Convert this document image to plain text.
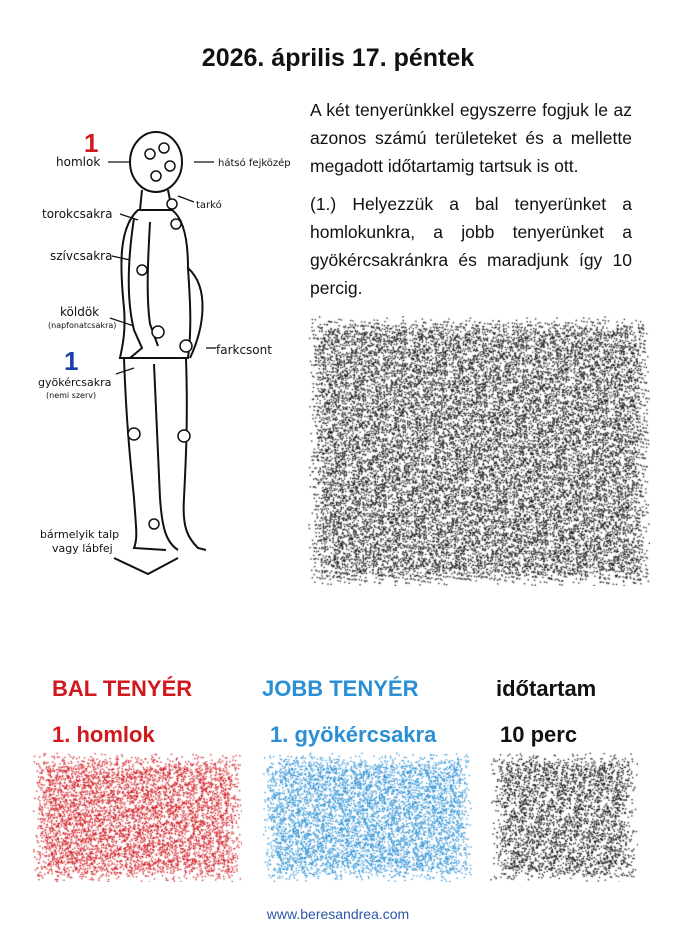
2026. április 17. péntek
1
1
homlok	hátsó fejközép
tarkó
torokcsakra
szívcsakra
köldök
(napfonatcsakra)
farkcsont
gyökércsakra
(nemi szerv)
bármelyik talp
vagy lábfej

A két tenyerünkkel egyszerre fogjuk le az azonos számú területeket és a mellette megadott időtartamig tartsuk is ott.

(1.) Helyezzük a bal tenyerünket a homlokunkra, a jobb tenyerünket a gyökércsakránkra és maradjunk így 10 percig.

BAL TENYÉR	JOBB TENYÉR	időtartam
1. homlok	1. gyökércsakra	10 perc
www.beresandrea.com
